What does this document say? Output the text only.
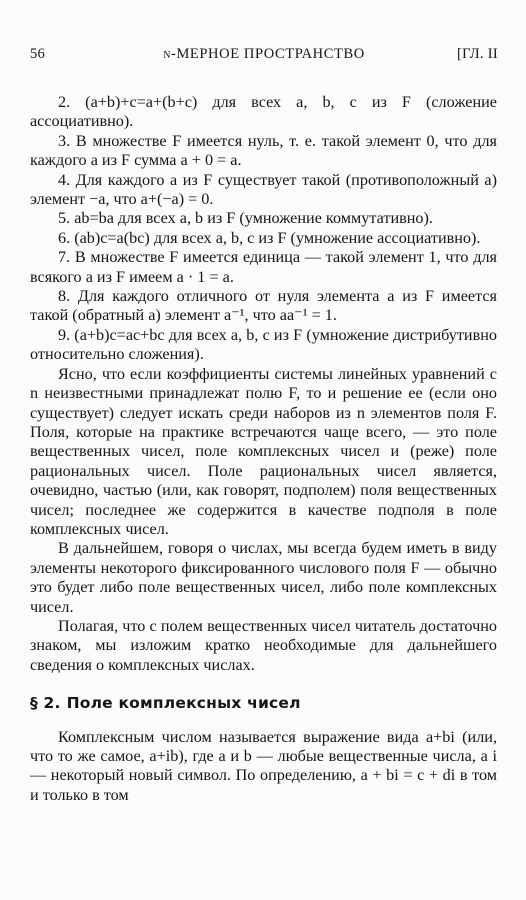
56	n-МЕРНОЕ ПРОСТРАНСТВО	[ГЛ. II

2. (a+b)+c=a+(b+c) для всех a, b, c из F (сложение ассоциативно).

3. В множестве F имеется нуль, т. е. такой элемент 0, что для каждого a из F сумма a + 0 = a.

4. Для каждого a из F существует такой (противоположный a) элемент −a, что a+(−a) = 0.

5. ab=ba для всех a, b из F (умножение коммутативно).

6. (ab)c=a(bc) для всех a, b, c из F (умножение ассоциативно).

7. В множестве F имеется единица — такой элемент 1, что для всякого a из F имеем a · 1 = a.

8. Для каждого отличного от нуля элемента a из F имеется такой (обратный a) элемент a⁻¹, что aa⁻¹ = 1.

9. (a+b)c=ac+bc для всех a, b, c из F (умножение дистрибутивно относительно сложения).

Ясно, что если коэффициенты системы линейных уравнений с n неизвестными принадлежат полю F, то и решение ее (если оно существует) следует искать среди наборов из n элементов поля F. Поля, которые на практике встречаются чаще всего, — это поле вещественных чисел, поле комплексных чисел и (реже) поле рациональных чисел. Поле рациональных чисел является, очевидно, частью (или, как говорят, подполем) поля вещественных чисел; последнее же содержится в качестве подполя в поле комплексных чисел.

В дальнейшем, говоря о числах, мы всегда будем иметь в виду элементы некоторого фиксированного числового поля F — обычно это будет либо поле вещественных чисел, либо поле комплексных чисел.

Полагая, что с полем вещественных чисел читатель достаточно знаком, мы изложим кратко необходимые для дальнейшего сведения о комплексных числах.

§ 2. Поле комплексных чисел

Комплексным числом называется выражение вида a+bi (или, что то же самое, a+ib), где a и b — любые вещественные числа, a i — некоторый новый символ. По определению, a + bi = c + di в том и только в том
